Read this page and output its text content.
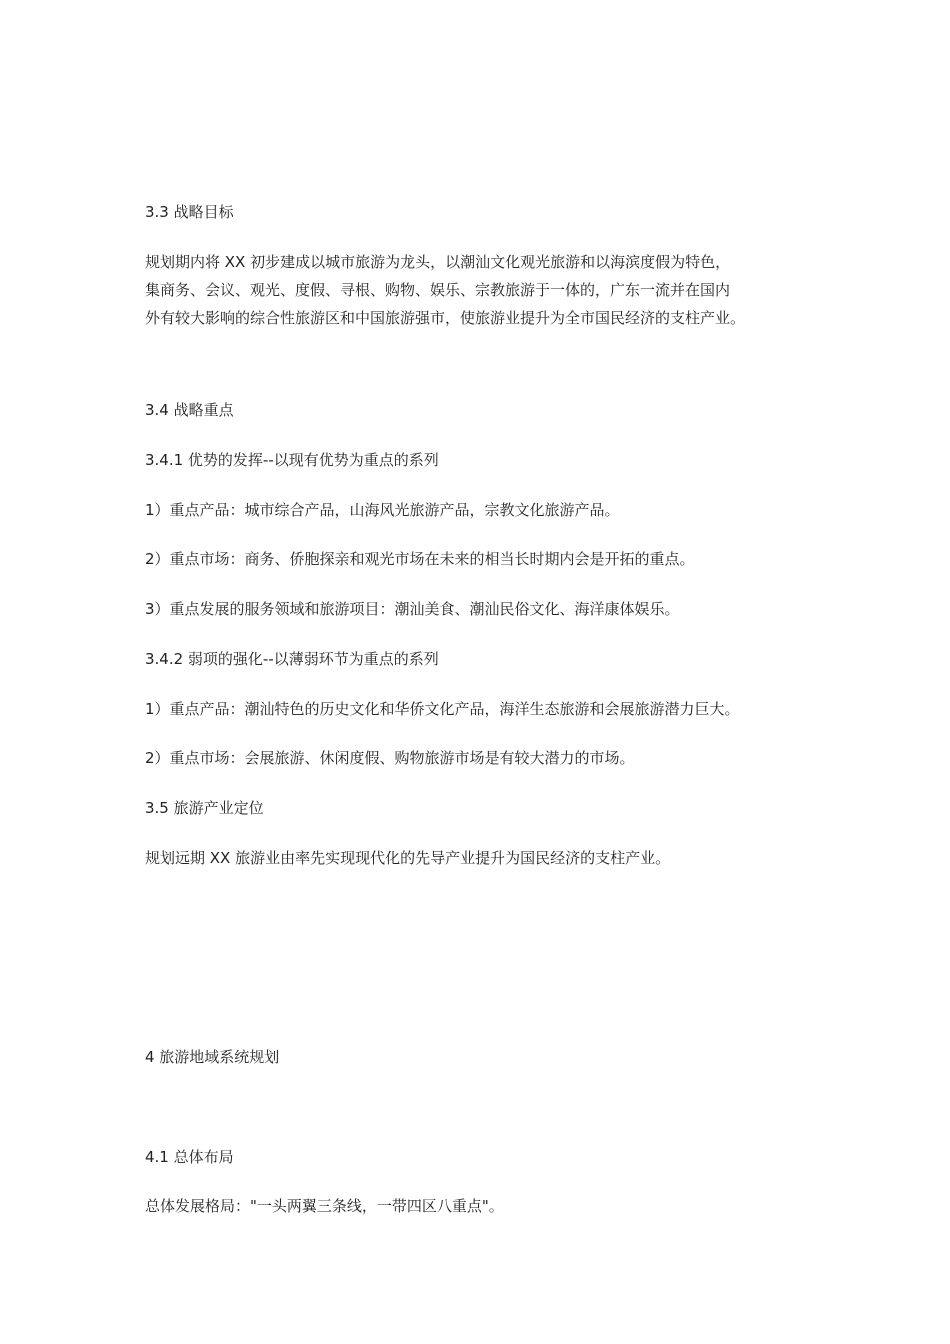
3.3 战略目标

规划期内将 XX 初步建成以城市旅游为龙头，以潮汕文化观光旅游和以海滨度假为特色，
集商务、会议、观光、度假、寻根、购物、娱乐、宗教旅游于一体的，广东一流并在国内
外有较大影响的综合性旅游区和中国旅游强市，使旅游业提升为全市国民经济的支柱产业。

3.4 战略重点

3.4.1 优势的发挥--以现有优势为重点的系列

1）重点产品：城市综合产品，山海风光旅游产品，宗教文化旅游产品。

2）重点市场：商务、侨胞探亲和观光市场在未来的相当长时期内会是开拓的重点。

3）重点发展的服务领域和旅游项目：潮汕美食、潮汕民俗文化、海洋康体娱乐。

3.4.2 弱项的强化--以薄弱环节为重点的系列

1）重点产品：潮汕特色的历史文化和华侨文化产品，海洋生态旅游和会展旅游潜力巨大。

2）重点市场：会展旅游、休闲度假、购物旅游市场是有较大潜力的市场。

3.5 旅游产业定位

规划远期 XX 旅游业由率先实现现代化的先导产业提升为国民经济的支柱产业。

4 旅游地域系统规划

4.1 总体布局

总体发展格局："一头两翼三条线，一带四区八重点"。
